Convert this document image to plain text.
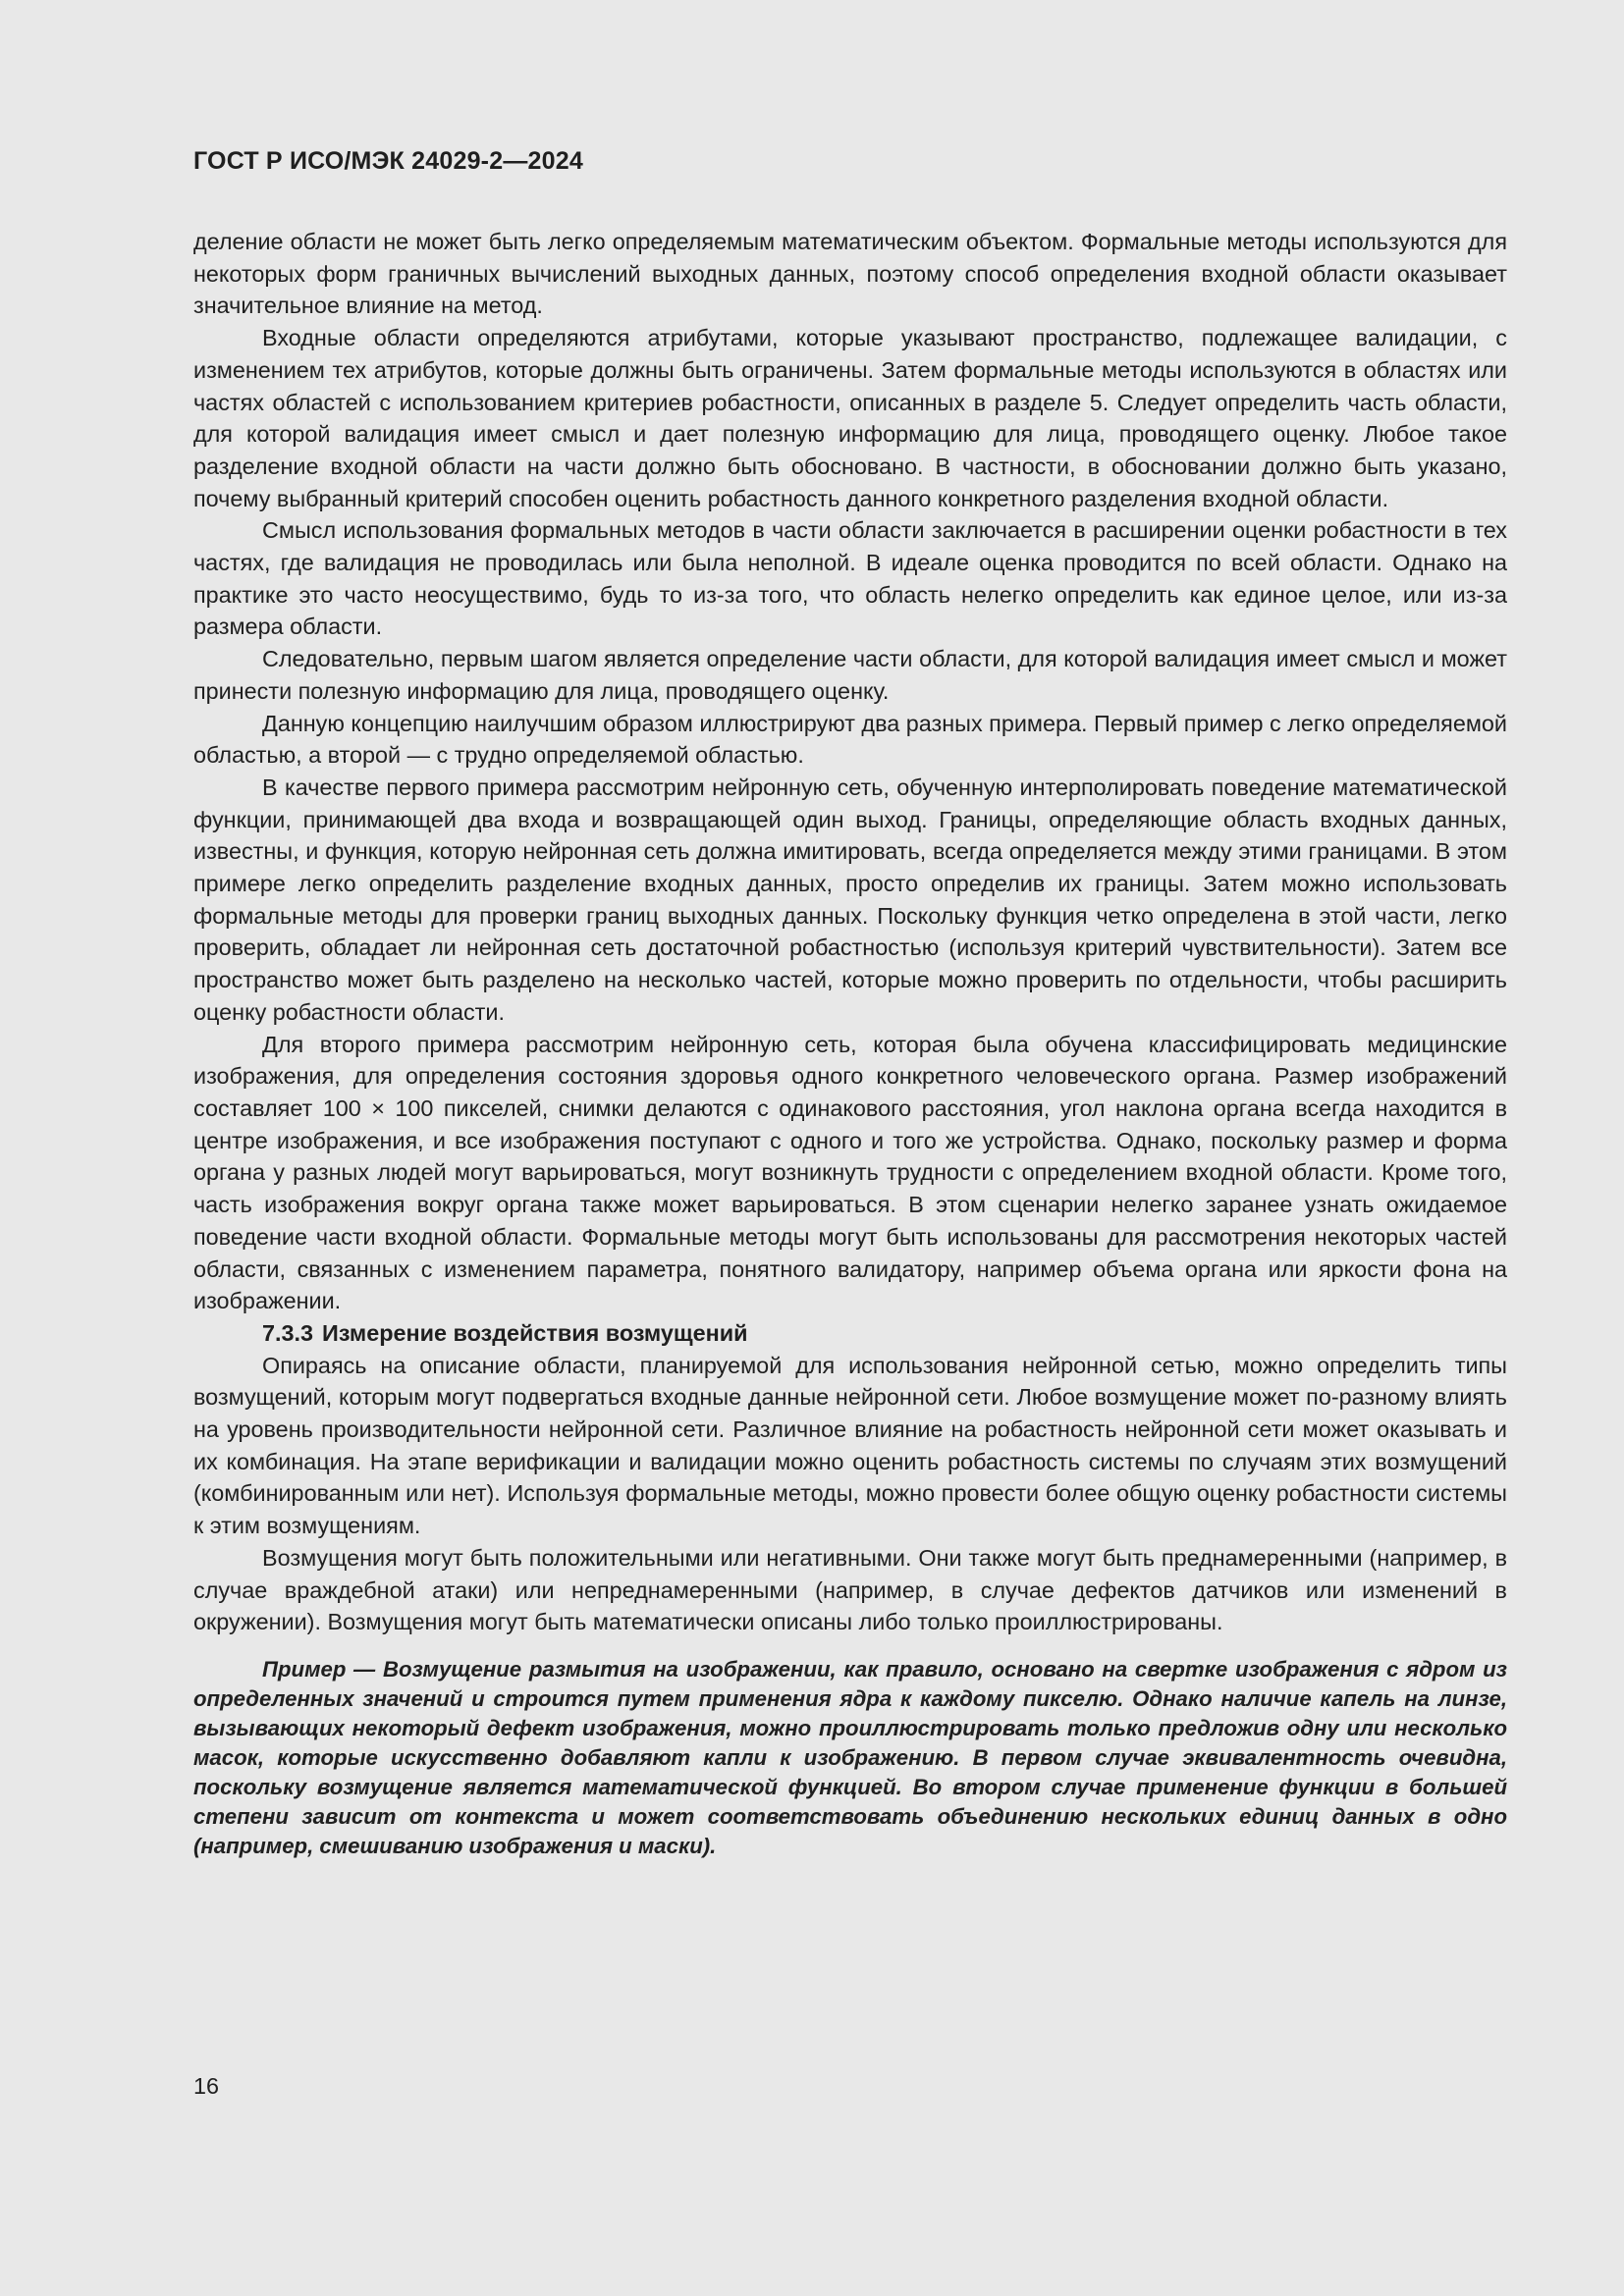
ГОСТ Р ИСО/МЭК 24029-2—2024

деление области не может быть легко определяемым математическим объектом. Формальные методы используются для некоторых форм граничных вычислений выходных данных, поэтому способ определения входной области оказывает значительное влияние на метод.

Входные области определяются атрибутами, которые указывают пространство, подлежащее валидации, с изменением тех атрибутов, которые должны быть ограничены. Затем формальные методы используются в областях или частях областей с использованием критериев робастности, описанных в разделе 5. Следует определить часть области, для которой валидация имеет смысл и дает полезную информацию для лица, проводящего оценку. Любое такое разделение входной области на части должно быть обосновано. В частности, в обосновании должно быть указано, почему выбранный критерий способен оценить робастность данного конкретного разделения входной области.

Смысл использования формальных методов в части области заключается в расширении оценки робастности в тех частях, где валидация не проводилась или была неполной. В идеале оценка проводится по всей области. Однако на практике это часто неосуществимо, будь то из-за того, что область нелегко определить как единое целое, или из-за размера области.

Следовательно, первым шагом является определение части области, для которой валидация имеет смысл и может принести полезную информацию для лица, проводящего оценку.

Данную концепцию наилучшим образом иллюстрируют два разных примера. Первый пример с легко определяемой областью, а второй — с трудно определяемой областью.

В качестве первого примера рассмотрим нейронную сеть, обученную интерполировать поведение математической функции, принимающей два входа и возвращающей один выход. Границы, определяющие область входных данных, известны, и функция, которую нейронная сеть должна имитировать, всегда определяется между этими границами. В этом примере легко определить разделение входных данных, просто определив их границы. Затем можно использовать формальные методы для проверки границ выходных данных. Поскольку функция четко определена в этой части, легко проверить, обладает ли нейронная сеть достаточной робастностью (используя критерий чувствительности). Затем все пространство может быть разделено на несколько частей, которые можно проверить по отдельности, чтобы расширить оценку робастности области.

Для второго примера рассмотрим нейронную сеть, которая была обучена классифицировать медицинские изображения, для определения состояния здоровья одного конкретного человеческого органа. Размер изображений составляет 100 × 100 пикселей, снимки делаются с одинакового расстояния, угол наклона органа всегда находится в центре изображения, и все изображения поступают с одного и того же устройства. Однако, поскольку размер и форма органа у разных людей могут варьироваться, могут возникнуть трудности с определением входной области. Кроме того, часть изображения вокруг органа также может варьироваться. В этом сценарии нелегко заранее узнать ожидаемое поведение части входной области. Формальные методы могут быть использованы для рассмотрения некоторых частей области, связанных с изменением параметра, понятного валидатору, например объема органа или яркости фона на изображении.

7.3.3 Измерение воздействия возмущений

Опираясь на описание области, планируемой для использования нейронной сетью, можно определить типы возмущений, которым могут подвергаться входные данные нейронной сети. Любое возмущение может по-разному влиять на уровень производительности нейронной сети. Различное влияние на робастность нейронной сети может оказывать и их комбинация. На этапе верификации и валидации можно оценить робастность системы по случаям этих возмущений (комбинированным или нет). Используя формальные методы, можно провести более общую оценку робастности системы к этим возмущениям.

Возмущения могут быть положительными или негативными. Они также могут быть преднамеренными (например, в случае враждебной атаки) или непреднамеренными (например, в случае дефектов датчиков или изменений в окружении). Возмущения могут быть математически описаны либо только проиллюстрированы.

Пример — Возмущение размытия на изображении, как правило, основано на свертке изображения с ядром из определенных значений и строится путем применения ядра к каждому пикселю. Однако наличие капель на линзе, вызывающих некоторый дефект изображения, можно проиллюстрировать только предложив одну или несколько масок, которые искусственно добавляют капли к изображению. В первом случае эквивалентность очевидна, поскольку возмущение является математической функцией. Во втором случае применение функции в большей степени зависит от контекста и может соответствовать объединению нескольких единиц данных в одно (например, смешиванию изображения и маски).

16
